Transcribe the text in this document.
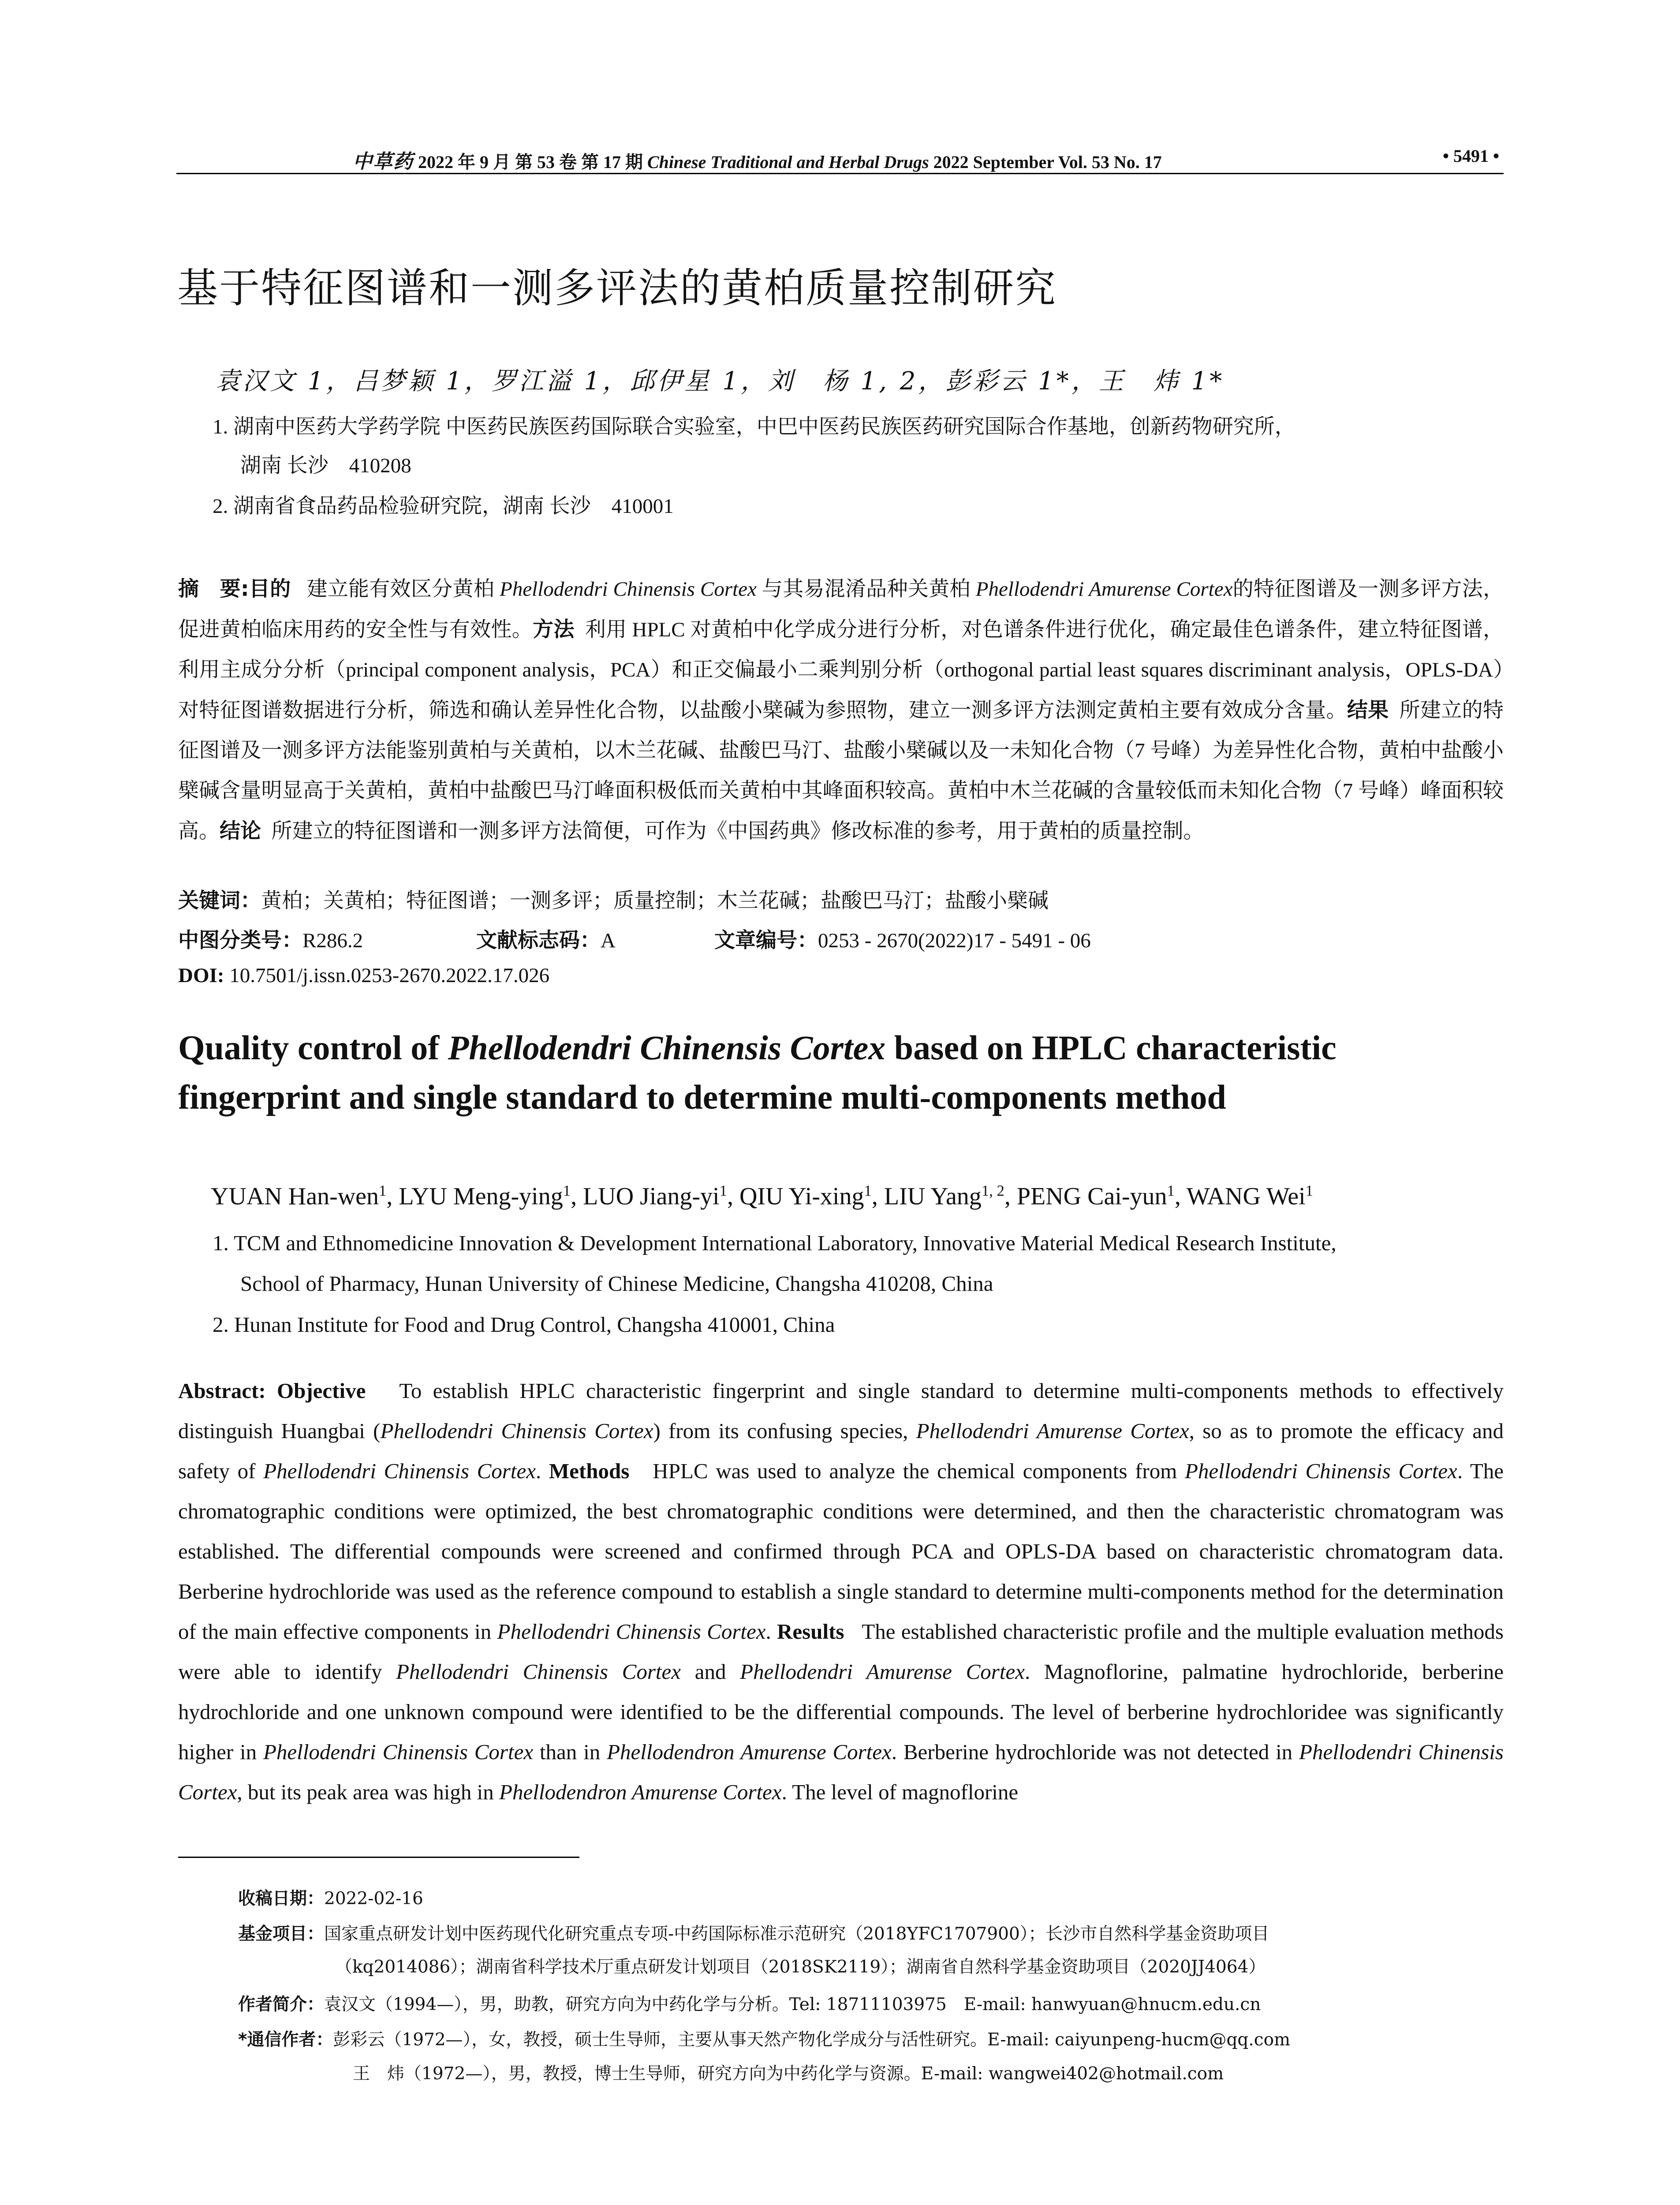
中草药 2022 年 9 月 第 53 卷 第 17 期 Chinese Traditional and Herbal Drugs 2022 September Vol. 53 No. 17	• 5491 •
基于特征图谱和一测多评法的黄柏质量控制研究
袁汉文 1，吕梦颖 1，罗江溢 1，邱伊星 1，刘　杨 1, 2，彭彩云 1*，王　炜 1*
1. 湖南中医药大学药学院 中医药民族医药国际联合实验室，中巴中医药民族医药研究国际合作基地，创新药物研究所，
湖南 长沙　410208
2. 湖南省食品药品检验研究院，湖南 长沙　410001

摘　要:目的 建立能有效区分黄柏 Phellodendri Chinensis Cortex 与其易混淆品种关黄柏 Phellodendri Amurense Cortex的特征图谱及一测多评方法，促进黄柏临床用药的安全性与有效性。方法 利用 HPLC 对黄柏中化学成分进行分析，对色谱条件进行优化，确定最佳色谱条件，建立特征图谱，利用主成分分析（principal component analysis，PCA）和正交偏最小二乘判别分析（orthogonal partial least squares discriminant analysis，OPLS-DA）对特征图谱数据进行分析，筛选和确认差异性化合物，以盐酸小檗碱为参照物，建立一测多评方法测定黄柏主要有效成分含量。结果 所建立的特征图谱及一测多评方法能鉴别黄柏与关黄柏，以木兰花碱、盐酸巴马汀、盐酸小檗碱以及一未知化合物（7 号峰）为差异性化合物，黄柏中盐酸小檗碱含量明显高于关黄柏，黄柏中盐酸巴马汀峰面积极低而关黄柏中其峰面积较高。黄柏中木兰花碱的含量较低而未知化合物（7 号峰）峰面积较高。结论 所建立的特征图谱和一测多评方法简便，可作为《中国药典》修改标准的参考，用于黄柏的质量控制。

关键词：黄柏；关黄柏；特征图谱；一测多评；质量控制；木兰花碱；盐酸巴马汀；盐酸小檗碱
中图分类号：R286.2	文献标志码：A	文章编号：0253 - 2670(2022)17 - 5491 - 06
DOI: 10.7501/j.issn.0253-2670.2022.17.026
Quality control of Phellodendri Chinensis Cortex based on HPLC characteristic fingerprint and single standard to determine multi-components method
YUAN Han-wen$^1$, LYU Meng-ying$^1$, LUO Jiang-$yi^1$, QIU Yi-xing$^1$, LIU Yang$^{1, 2}$, PENG Cai-yun$^1$, WANG Wei$^1$
1. TCM and Ethnomedicine Innovation & Development International Laboratory, Innovative Material Medical Research Institute,
School of Pharmacy, Hunan University of Chinese Medicine, Changsha 410208, China
2. Hunan Institute for Food and Drug Control, Changsha 410001, China

Abstract: Objective To establish HPLC characteristic fingerprint and single standard to determine multi-components methods to effectively distinguish Huangbai (Phellodendri Chinensis Cortex) from its confusing species, Phellodendri Amurense Cortex, so as to promote the efficacy and safety of Phellodendri Chinensis Cortex. Methods HPLC was used to analyze the chemical components from Phellodendri Chinensis Cortex. The chromatographic conditions were optimized, the best chromatographic conditions were determined, and then the characteristic chromatogram was established. The differential compounds were screened and confirmed through PCA and OPLS-DA based on characteristic chromatogram data. Berberine hydrochloride was used as the reference compound to establish a single standard to determine multi-components method for the determination of the main effective components in Phellodendri Chinensis Cortex. Results The established characteristic profile and the multiple evaluation methods were able to identify Phellodendri Chinensis Cortex and Phellodendri Amurense Cortex. Magnoflorine, palmatine hydrochloride, berberine hydrochloride and one unknown compound were identified to be the differential compounds. The level of berberine hydrochloridee was significantly higher in Phellodendri Chinensis Cortex than in Phellodendron Amurense Cortex. Berberine hydrochloride was not detected in Phellodendri Chinensis Cortex, but its peak area was high in Phellodendron Amurense Cortex. The level of magnoflorine

收稿日期：2022-02-16
基金项目：国家重点研发计划中医药现代化研究重点专项-中药国际标准示范研究（2018YFC1707900）；长沙市自然科学基金资助项目
（kq2014086）；湖南省科学技术厅重点研发计划项目（2018SK2119）；湖南省自然科学基金资助项目（2020JJ4064）
作者简介：袁汉文（1994—），男，助教，研究方向为中药化学与分析。Tel: 18711103975　E-mail: hanwyuan@hnucm.edu.cn
*通信作者：彭彩云（1972—），女，教授，硕士生导师，主要从事天然产物化学成分与活性研究。E-mail: caiyunpeng-hucm@qq.com
王　炜（1972—），男，教授，博士生导师，研究方向为中药化学与资源。E-mail: wangwei402@hotmail.com
